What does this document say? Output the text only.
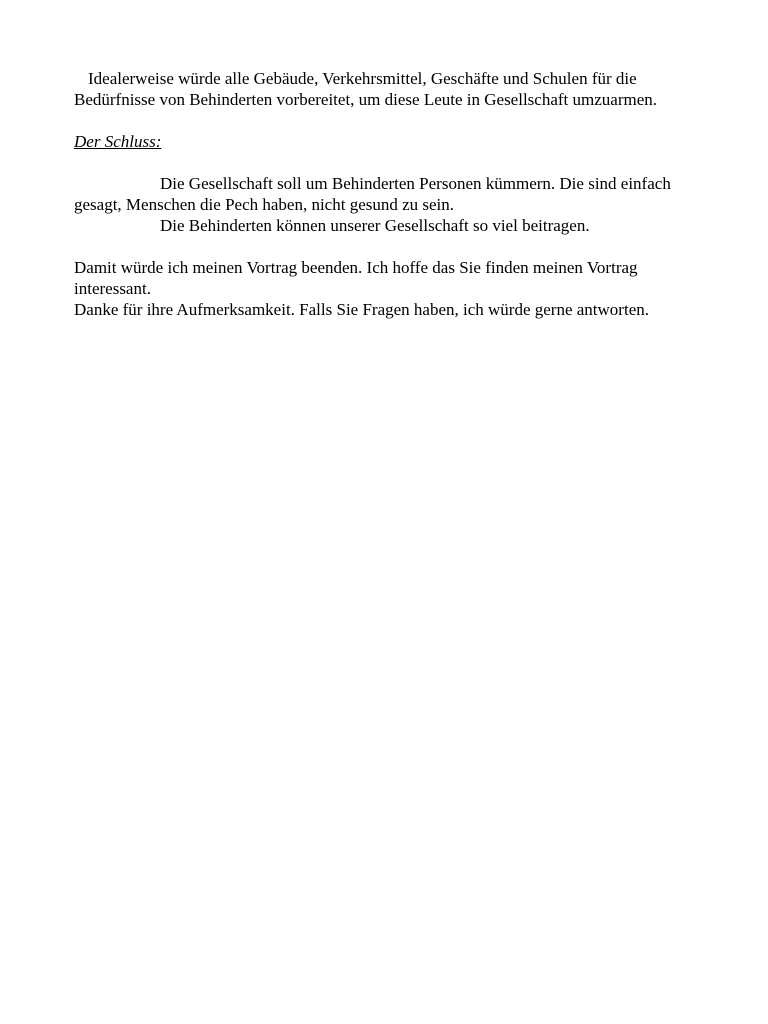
Idealerweise würde alle Gebäude, Verkehrsmittel, Geschäfte und Schulen für die Bedürfnisse von Behinderten vorbereitet, um diese Leute in Gesellschaft umzuarmen.

Der Schluss:

Die Gesellschaft soll um Behinderten Personen kümmern. Die sind einfach gesagt, Menschen die Pech haben, nicht gesund zu sein.

Die Behinderten können unserer Gesellschaft so viel beitragen.

Damit würde ich meinen Vortrag beenden. Ich hoffe das Sie finden meinen Vortrag interessant.

Danke für ihre Aufmerksamkeit. Falls Sie Fragen haben, ich würde gerne antworten.
